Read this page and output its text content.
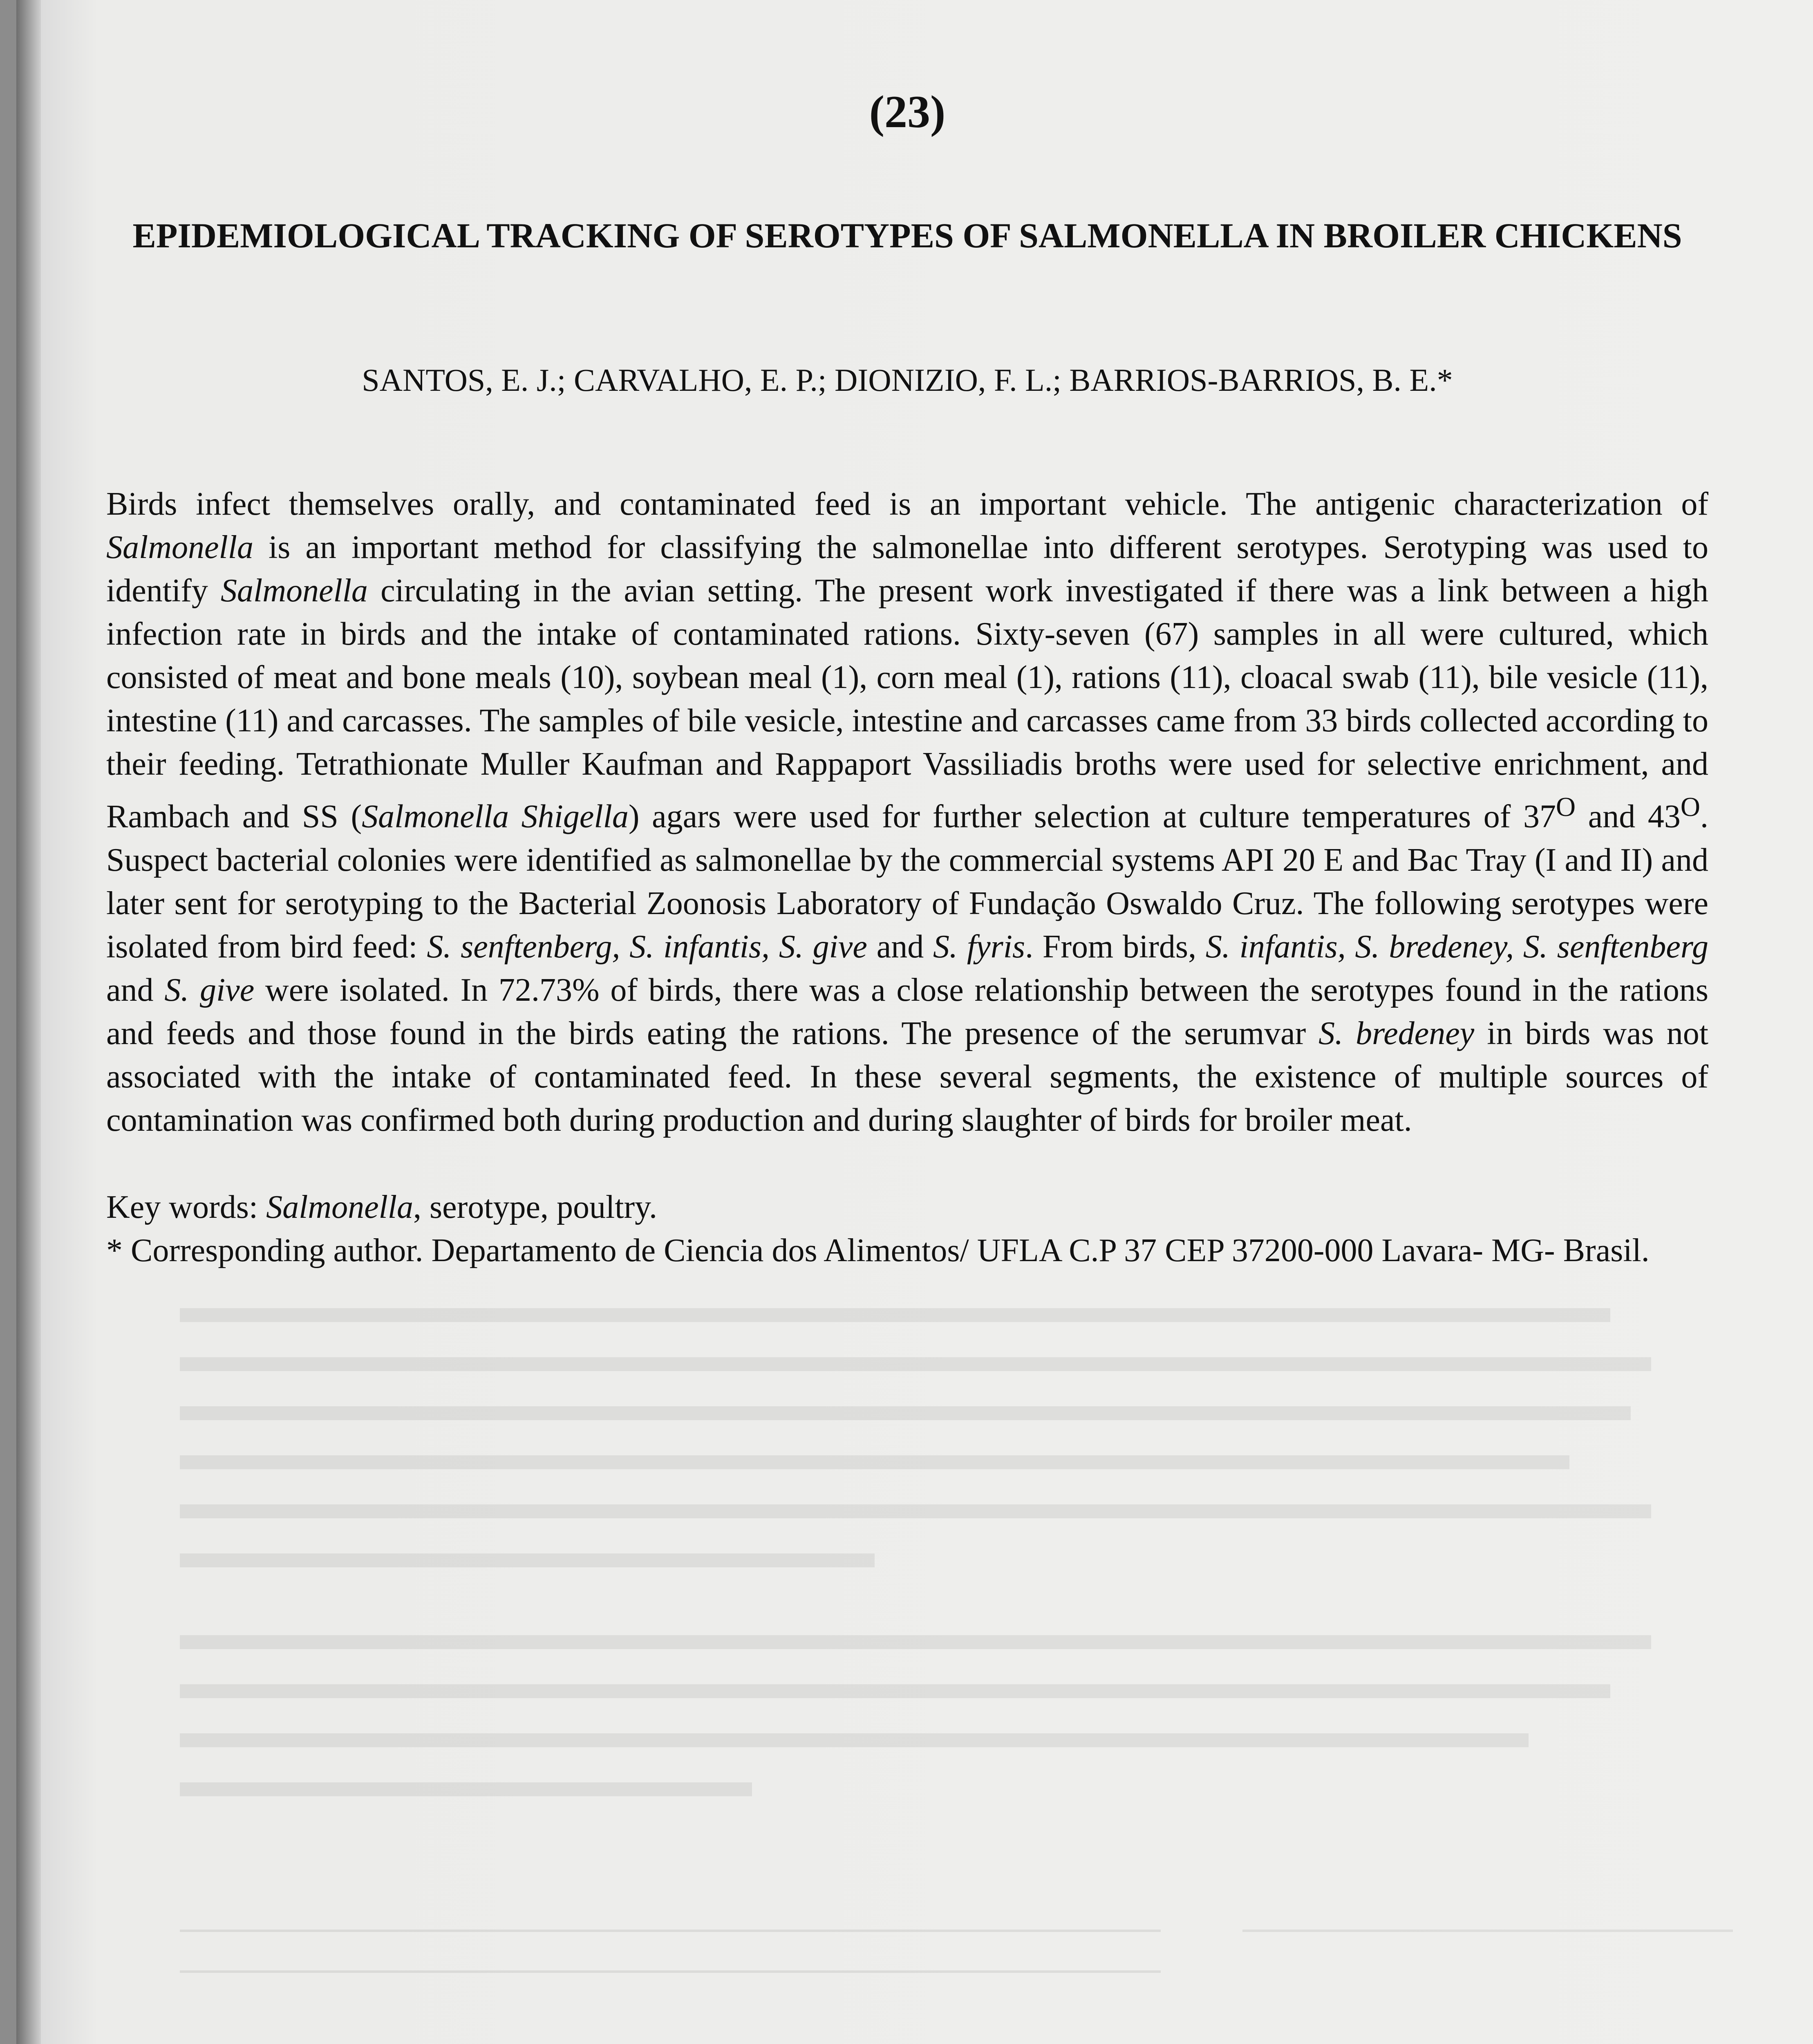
(23)
EPIDEMIOLOGICAL TRACKING OF SEROTYPES OF SALMONELLA IN BROILER CHICKENS
SANTOS, E. J.; CARVALHO, E. P.; DIONIZIO, F. L.; BARRIOS-BARRIOS, B. E.*

Birds infect themselves orally, and contaminated feed is an important vehicle. The antigenic characterization of Salmonella is an important method for classifying the salmonellae into different serotypes. Serotyping was used to identify Salmonella circulating in the avian setting. The present work investigated if there was a link between a high infection rate in birds and the intake of contaminated rations. Sixty-seven (67) samples in all were cultured, which consisted of meat and bone meals (10), soybean meal (1), corn meal (1), rations (11), cloacal swab (11), bile vesicle (11), intestine (11) and carcasses. The samples of bile vesicle, intestine and carcasses came from 33 birds collected according to their feeding. Tetrathionate Muller Kaufman and Rappaport Vassiliadis broths were used for selective enrichment, and Rambach and SS (Salmonella Shigella) agars were used for further selection at culture temperatures of $37^O$ and $43^O$. Suspect bacterial colonies were identified as salmonellae by the commercial systems API 20 E and Bac Tray (I and II) and later sent for serotyping to the Bacterial Zoonosis Laboratory of Fundação Oswaldo Cruz. The following serotypes were isolated from bird feed: S. senftenberg, S. infantis, S. give and S. fyris. From birds, S. infantis, S. bredeney, S. senftenberg and S. give were isolated. In 72.73% of birds, there was a close relationship between the serotypes found in the rations and feeds and those found in the birds eating the rations. The presence of the serumvar S. bredeney in birds was not associated with the intake of contaminated feed. In these several segments, the existence of multiple sources of contamination was confirmed both during production and during slaughter of birds for broiler meat.

Key words: Salmonella, serotype, poultry.
* Corresponding author. Departamento de Ciencia dos Alimentos/ UFLA C.P 37 CEP 37200-000 Lavara- MG- Brasil.
